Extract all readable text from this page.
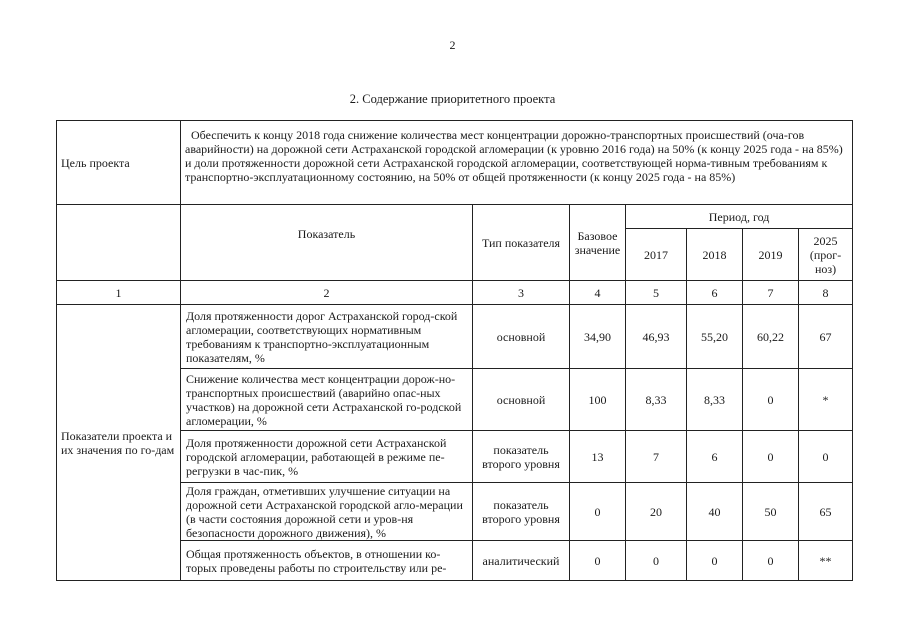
2
2. Содержание приоритетного проекта
Цель проекта	Обеспечить к концу 2018 года снижение количества мест концентрации дорожно-транспортных происшествий (оча-гов аварийности) на дорожной сети Астраханской городской агломерации (к уровню 2016 года) на 50% (к концу 2025 года - на 85%) и доли протяженности дорожной сети Астраханской городской агломерации, соответствующей норма-тивным требованиям к транспортно-эксплуатационному состоянию, на 50% от общей протяженности (к концу 2025 года - на 85%)						
	Показатель	Тип показателя	Базовое значение	Период, год			
				2017	2018	2019	2025 (прог-ноз)
1	2	3	4	5	6	7	8
Показатели проекта и их значения по го-дам	Доля протяженности дорог Астраханской город-ской агломерации, соответствующих нормативным требованиям к транспортно-эксплуатационным показателям, %	основной	34,90	46,93	55,20	60,22	67
	Снижение количества мест концентрации дорож-но-транспортных происшествий (аварийно опас-ных участков) на дорожной сети Астраханской го-родской агломерации, %	основной	100	8,33	8,33	0	*
	Доля протяженности дорожной сети Астраханской городской агломерации, работающей в режиме пе-регрузки в час-пик, %	показатель второго уровня	13	7	6	0	0
	Доля граждан, отметивших улучшение ситуации на дорожной сети Астраханской городской агло-мерации (в части состояния дорожной сети и уров-ня безопасности дорожного движения), %	показатель второго уровня	0	20	40	50	65
	Общая протяженность объектов, в отношении ко-торых проведены работы по строительству или ре-	аналитический	0	0	0	0	**
